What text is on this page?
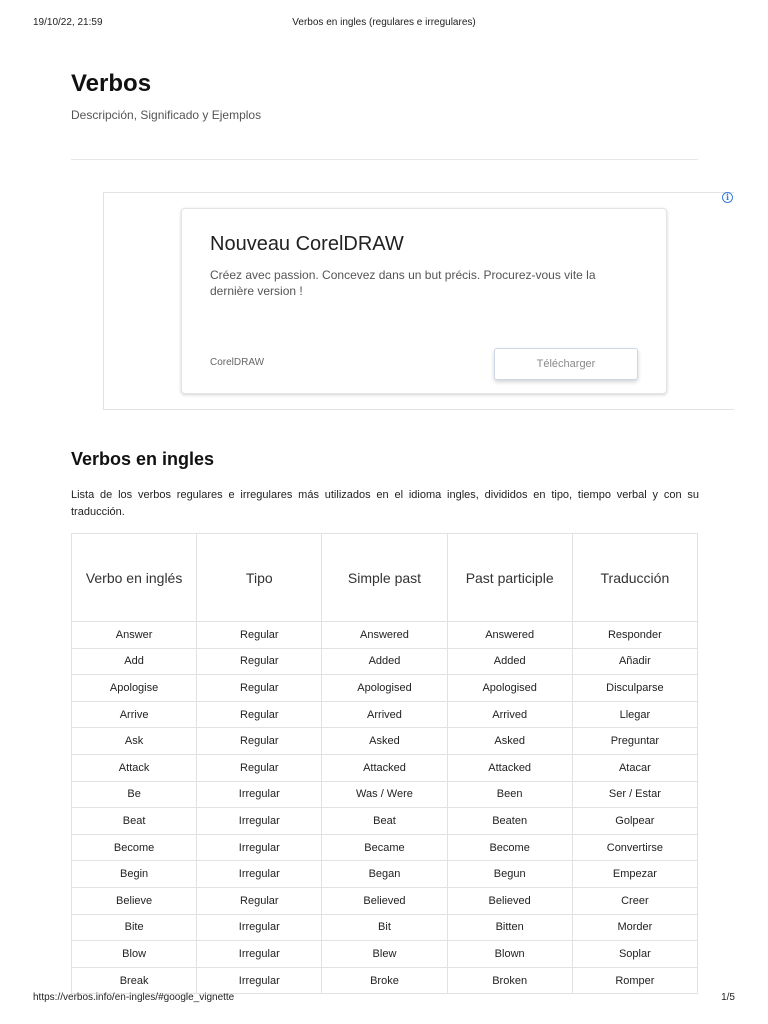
19/10/22, 21:59	Verbos en ingles (regulares e irregulares)
Verbos
Descripción, Significado y Ejemplos
i
Nouveau CorelDRAW
Créez avec passion. Concevez dans un but précis. Procurez-vous vite la dernière version !
CorelDRAW	Télécharger
Verbos en ingles

Lista de los verbos regulares e irregulares más utilizados en el idioma ingles, divididos en tipo, tiempo verbal y con su traducción.

Verbo en inglés	Tipo	Simple past	Past participle	Traducción
Answer	Regular	Answered	Answered	Responder
Add	Regular	Added	Added	Añadir
Apologise	Regular	Apologised	Apologised	Disculparse
Arrive	Regular	Arrived	Arrived	Llegar
Ask	Regular	Asked	Asked	Preguntar
Attack	Regular	Attacked	Attacked	Atacar
Be	Irregular	Was / Were	Been	Ser / Estar
Beat	Irregular	Beat	Beaten	Golpear
Become	Irregular	Became	Become	Convertirse
Begin	Irregular	Began	Begun	Empezar
Believe	Regular	Believed	Believed	Creer
Bite	Irregular	Bit	Bitten	Morder
Blow	Irregular	Blew	Blown	Soplar
Break	Irregular	Broke	Broken	Romper
https://verbos.info/en-ingles/#google_vignette	1/5
